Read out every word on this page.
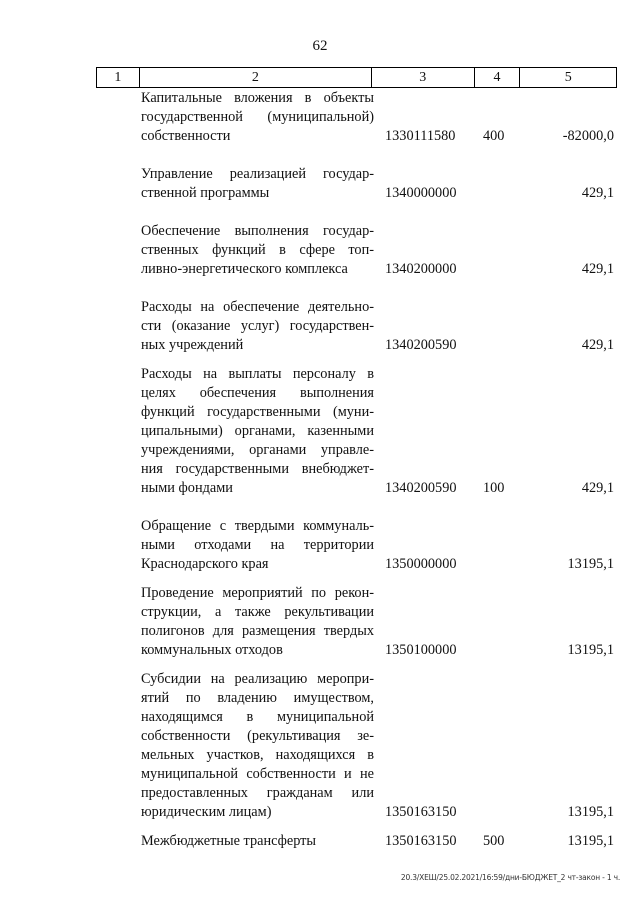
62
1	2	3	4	5
Капитальные вложения в объекты
государственной (муниципальной)
собственности	1330111580 400	-82000,0
Управление реализацией государ-
ственной программы	1340000000	429,1
Обеспечение выполнения государ-
ственных функций в сфере топ-
ливно-энергетического комплекса	1340200000	429,1
Расходы на обеспечение деятельно-
сти (оказание услуг) государствен-
ных учреждений	1340200590	429,1
Расходы на выплаты персоналу в
целях обеспечения выполнения
функций государственными (муни-
ципальными) органами, казенными
учреждениями, органами управле-
ния государственными внебюджет-
ными фондами	1340200590 100	429,1
Обращение с твердыми коммуналь-
ными отходами на территории
Краснодарского края	1350000000	13195,1
Проведение мероприятий по рекон-
струкции, а также рекультивации
полигонов для размещения твердых
коммунальных отходов	1350100000	13195,1
Субсидии на реализацию меропри-
ятий по владению имуществом,
находящимся в муниципальной
собственности (рекультивация зе-
мельных участков, находящихся в
муниципальной собственности и не
предоставленных гражданам или
юридическим лицам)	1350163150	13195,1
Межбюджетные трансферты	1350163150 500	13195,1
20.3/ХЕШ/25.02.2021/16:59/дни-БЮДЖЕТ_2 чт-закон - 1 ч.
